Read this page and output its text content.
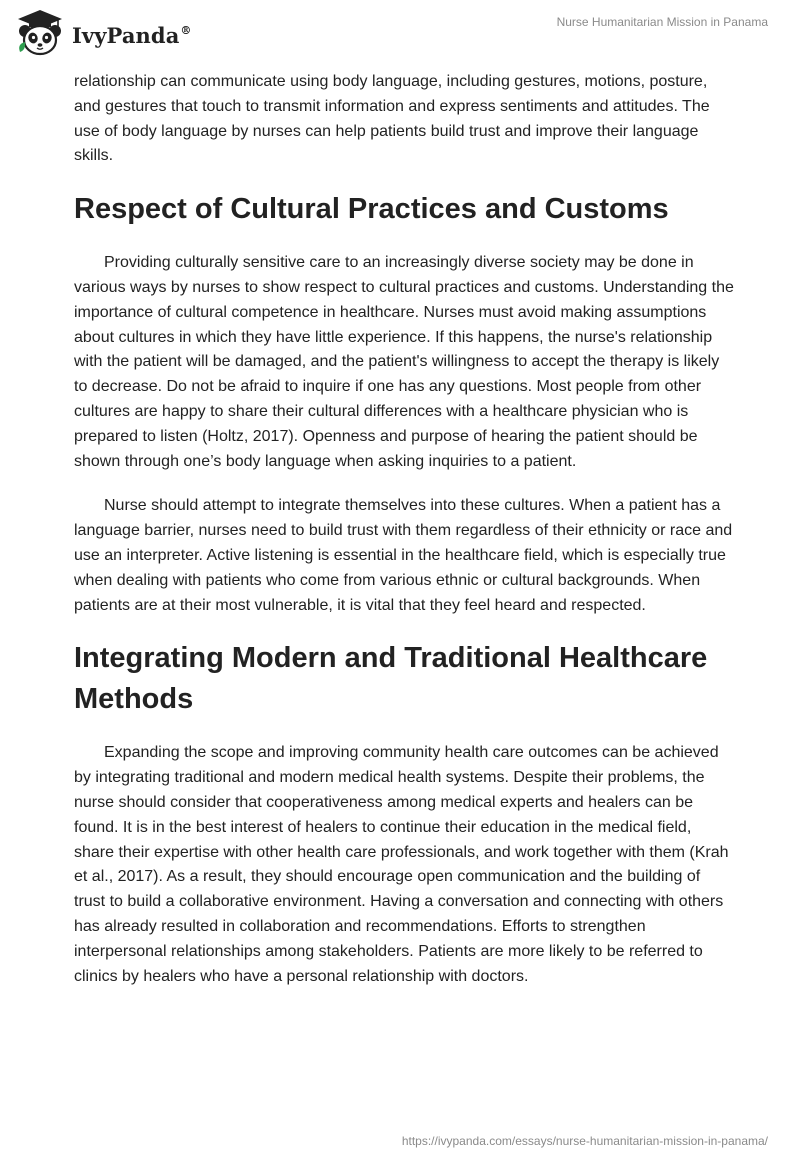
IvyPanda®
Nurse Humanitarian Mission in Panama

relationship can communicate using body language, including gestures, motions, posture, and gestures that touch to transmit information and express sentiments and attitudes. The use of body language by nurses can help patients build trust and improve their language skills.

Respect of Cultural Practices and Customs

Providing culturally sensitive care to an increasingly diverse society may be done in various ways by nurses to show respect to cultural practices and customs. Understanding the importance of cultural competence in healthcare. Nurses must avoid making assumptions about cultures in which they have little experience. If this happens, the nurse's relationship with the patient will be damaged, and the patient's willingness to accept the therapy is likely to decrease. Do not be afraid to inquire if one has any questions. Most people from other cultures are happy to share their cultural differences with a healthcare physician who is prepared to listen (Holtz, 2017). Openness and purpose of hearing the patient should be shown through one’s body language when asking inquiries to a patient.

Nurse should attempt to integrate themselves into these cultures. When a patient has a language barrier, nurses need to build trust with them regardless of their ethnicity or race and use an interpreter. Active listening is essential in the healthcare field, which is especially true when dealing with patients who come from various ethnic or cultural backgrounds. When patients are at their most vulnerable, it is vital that they feel heard and respected.

Integrating Modern and Traditional Healthcare Methods

Expanding the scope and improving community health care outcomes can be achieved by integrating traditional and modern medical health systems. Despite their problems, the nurse should consider that cooperativeness among medical experts and healers can be found. It is in the best interest of healers to continue their education in the medical field, share their expertise with other health care professionals, and work together with them (Krah et al., 2017). As a result, they should encourage open communication and the building of trust to build a collaborative environment. Having a conversation and connecting with others has already resulted in collaboration and recommendations. Efforts to strengthen interpersonal relationships among stakeholders. Patients are more likely to be referred to clinics by healers who have a personal relationship with doctors.

https://ivypanda.com/essays/nurse-humanitarian-mission-in-panama/
